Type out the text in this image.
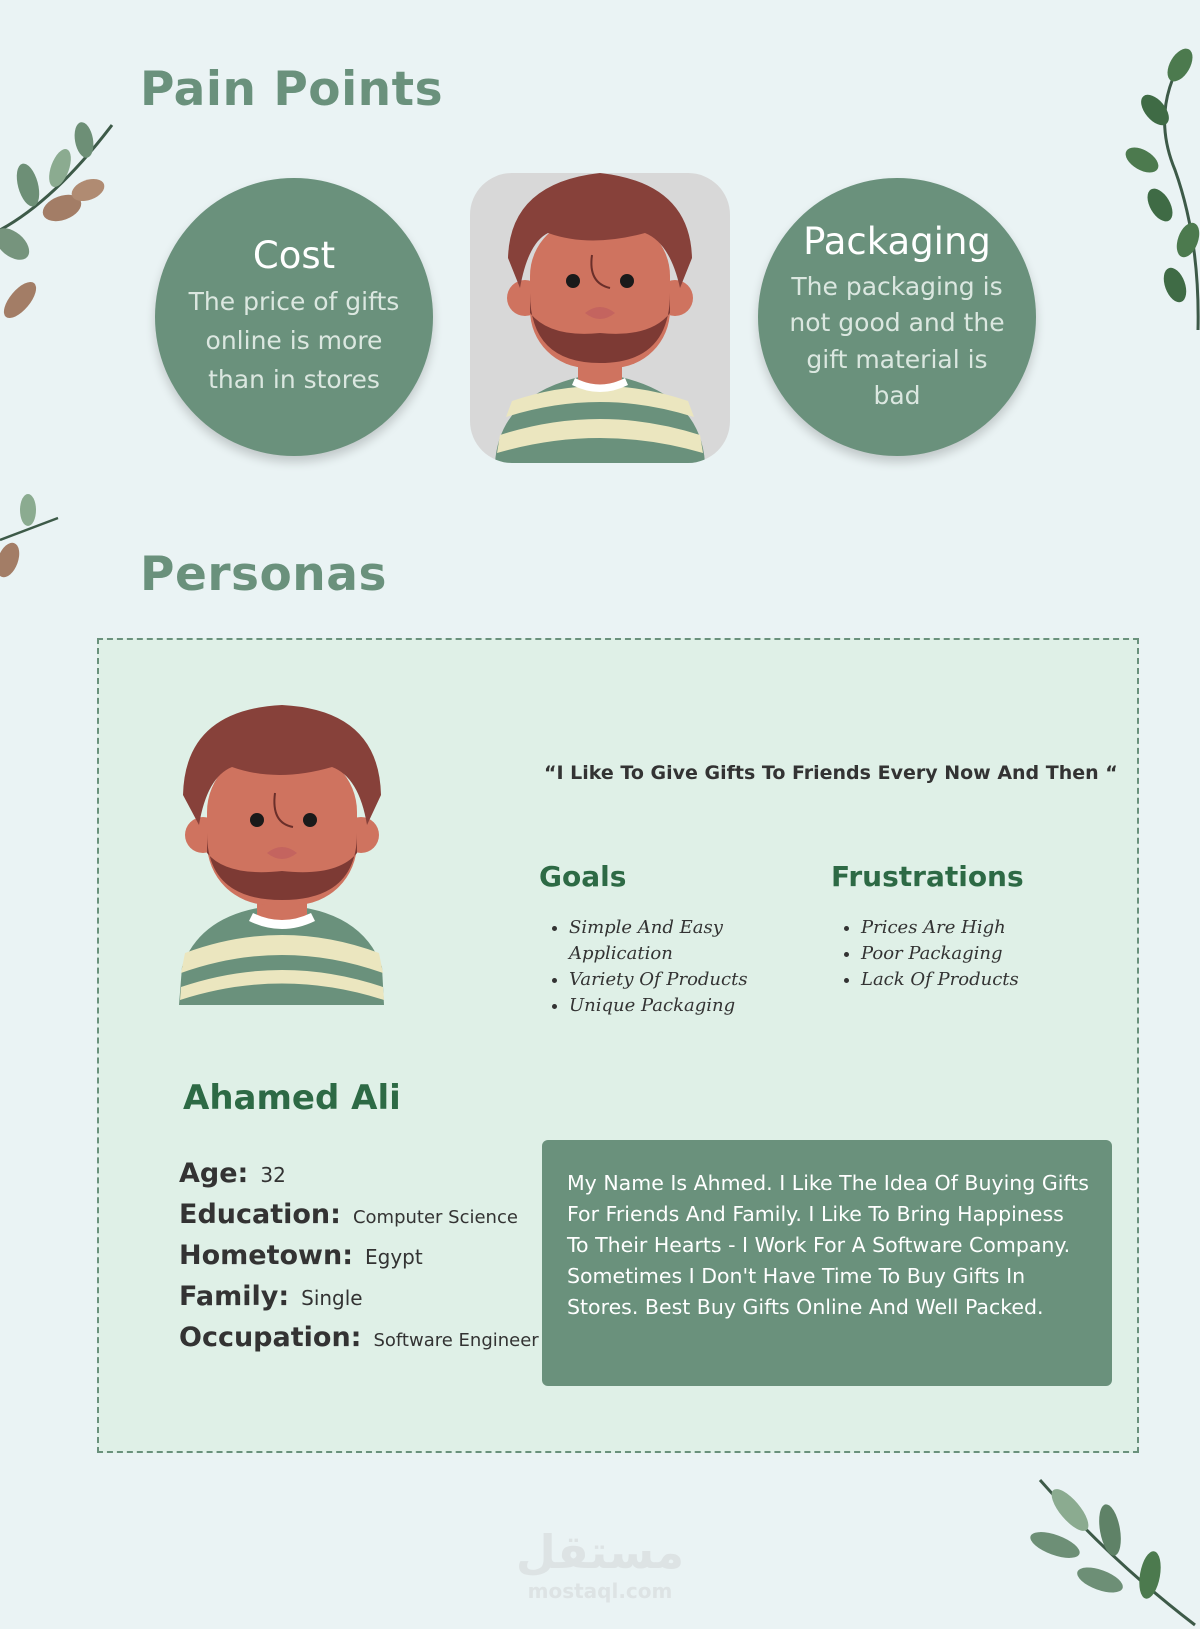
Pain Points
Cost
The price of gifts online is more than in stores
Packaging
The packaging is not good and the gift material is bad
Personas
“I Like To Give Gifts To Friends Every Now And Then “
Goals
• Simple And Easy Application
• Variety Of Products
• Unique Packaging
Frustrations
• Prices Are High
• Poor Packaging
• Lack Of Products
Ahamed Ali
Age: 32
Education: Computer Science
Hometown: Egypt
Family: Single
Occupation: Software Engineer
My Name Is Ahmed. I Like The Idea Of Buying Gifts For Friends And Family. I Like To Bring Happiness To Their Hearts - I Work For A Software Company. Sometimes I Don't Have Time To Buy Gifts In Stores. Best Buy Gifts Online And Well Packed.
مستقل
mostaql.com
